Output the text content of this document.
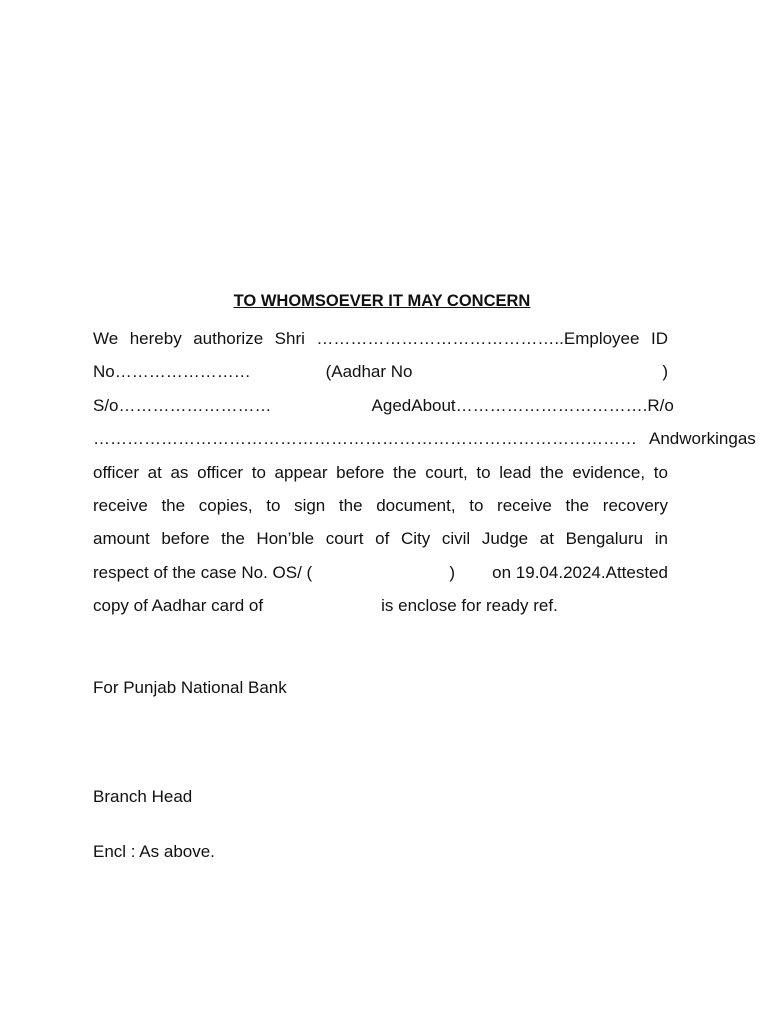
TO WHOMSOEVER IT MAY CONCERN
We hereby authorize Shri ……………………………………..Employee ID
No……………………	(Aadhar No	)
S/o………………………	Aged About …………………………….R/o
…………………………………………………………………………………… And working as
officer at as officer to appear before the court, to lead the evidence, to
receive the copies, to sign the document, to receive the recovery
amount before the Hon’ble court of City civil Judge at Bengaluru in
respect of the case No. OS/ (	) on 19.04.2024.Attested
copy of Aadhar card of	is enclose for ready ref.
For Punjab National Bank
Branch Head
Encl : As above.
